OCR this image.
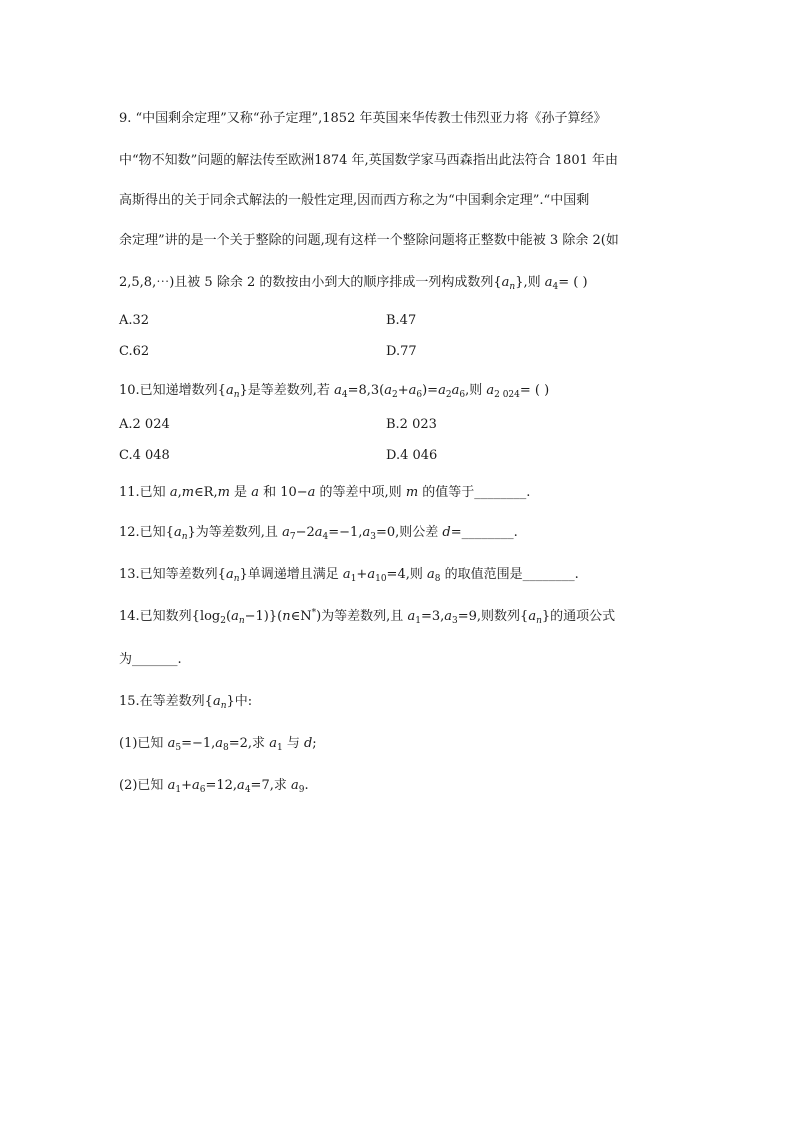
9. “中国剩余定理”又称“孙子定理”,1852 年英国来华传教士伟烈亚力将《孙子算经》
中“物不知数”问题的解法传至欧洲1874 年,英国数学家马西森指出此法符合 1801 年由
高斯得出的关于同余式解法的一般性定理,因而西方称之为“中国剩余定理”.“中国剩
余定理”讲的是一个关于整除的问题,现有这样一个整除问题将正整数中能被 3 除余 2(如
2,5,8,⋯)且被 5 除余 2 的数按由小到大的顺序排成一列构成数列$\{a_n\}$,则 $a_4=$ ( )
A.32	B.47
C.62	D.77
10.已知递增数列$\{a_n\}$是等差数列,若 $a_4=8,3(a_2+a_6)=a_2a_6$,则 $a_{2 024}=$ ( )
A.2 024	B.2 023
C.4 048	D.4 046
11.已知 a,m∈R,m 是 a 和 10−a 的等差中项,则 m 的值等于________.
12.已知$\{a_n\}$为等差数列,且 $a_7-2a_4=-1,a_3=0$,则公差 d=________.
13.已知等差数列$\{a_n\}$单调递增且满足 $a_1+a_{10}=4$,则 $a_8$ 的取值范围是________.
14.已知数列$\{\log_2(a_n-1)\}(n\in N^*)$为等差数列,且 $a_1=3,a_3=9$,则数列$\{a_n\}$的通项公式
为_______.
15.在等差数列$\{a_n\}$中:
(1)已知 $a_5=-1,a_8=2$,求 $a_1$ 与 d;
(2)已知 $a_1+a_6=12,a_4=7$,求 $a_9$.
